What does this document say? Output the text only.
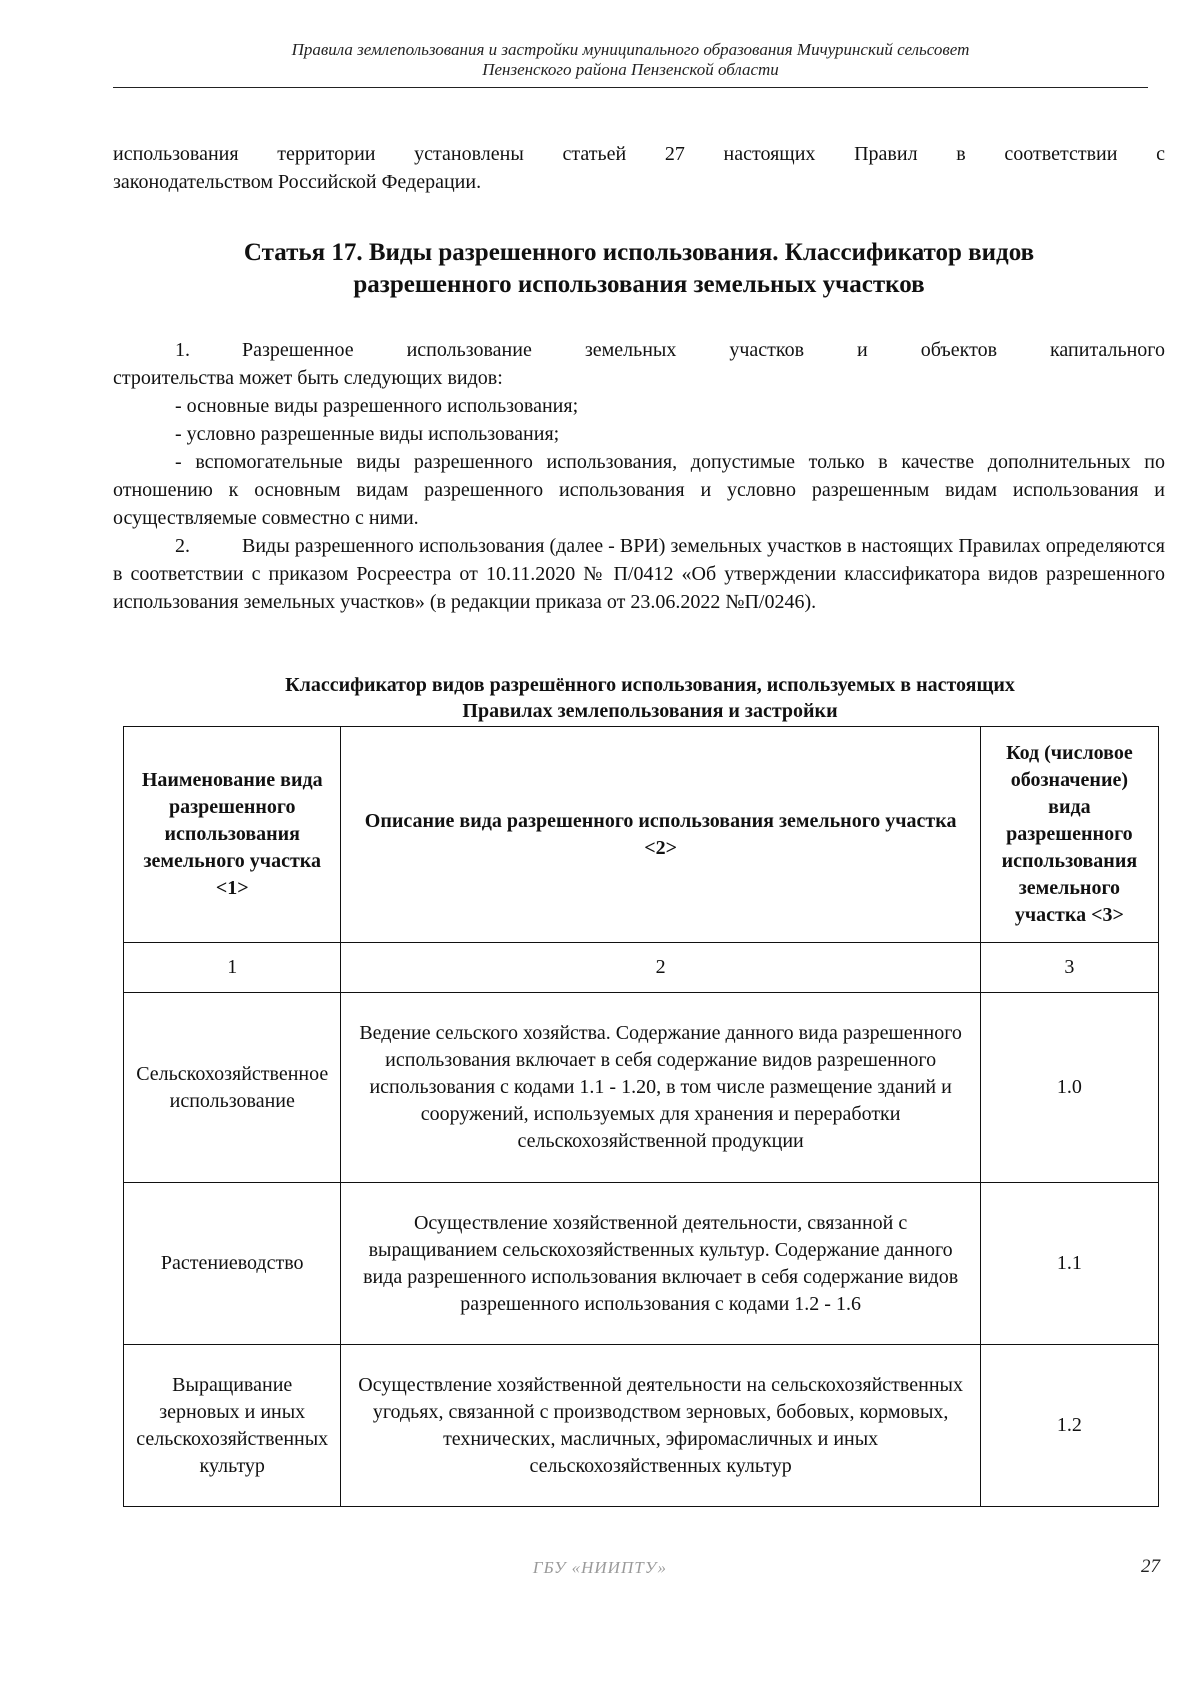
Правила землепользования и застройки муниципального образования Мичуринский сельсовет
Пензенского района Пензенской области
использования территории установлены статьей 27 настоящих Правил в соответствии с
законодательством Российской Федерации.
Статья 17. Виды разрешенного использования. Классификатор видов
разрешенного использования земельных участков
1.	Разрешенное использование земельных участков и объектов капитального
строительства может быть следующих видов:
- основные виды разрешенного использования;
- условно разрешенные виды использования;
- вспомогательные виды разрешенного использования, допустимые только в качестве дополнительных по отношению к основным видам разрешенного использования и условно разрешенным видам использования и осуществляемые совместно с ними.
2.	Виды разрешенного использования (далее - ВРИ) земельных участков в настоящих Правилах определяются в соответствии с приказом Росреестра от 10.11.2020 № П/0412 «Об утверждении классификатора видов разрешенного использования земельных участков» (в редакции приказа от 23.06.2022 №П/0246).
Классификатор видов разрешённого использования, используемых в настоящих
Правилах землепользования и застройки
Наименование вида разрешенного использования земельного участка <1>	Описание вида разрешенного использования земельного участка <2>	Код (числовое обозначение) вида разрешенного использования земельного участка <3>
1	2	3
Сельскохозяйственное использование	Ведение сельского хозяйства. Содержание данного вида разрешенного использования включает в себя содержание видов разрешенного использования с кодами 1.1 - 1.20, в том числе размещение зданий и сооружений, используемых для хранения и переработки сельскохозяйственной продукции	1.0
Растениеводство	Осуществление хозяйственной деятельности, связанной с выращиванием сельскохозяйственных культур. Содержание данного вида разрешенного использования включает в себя содержание видов разрешенного использования с кодами 1.2 - 1.6	1.1
Выращивание зерновых и иных сельскохозяйственных культур	Осуществление хозяйственной деятельности на сельскохозяйственных угодьях, связанной с производством зерновых, бобовых, кормовых, технических, масличных, эфиромасличных и иных сельскохозяйственных культур	1.2
ГБУ «НИИПТУ»	27
